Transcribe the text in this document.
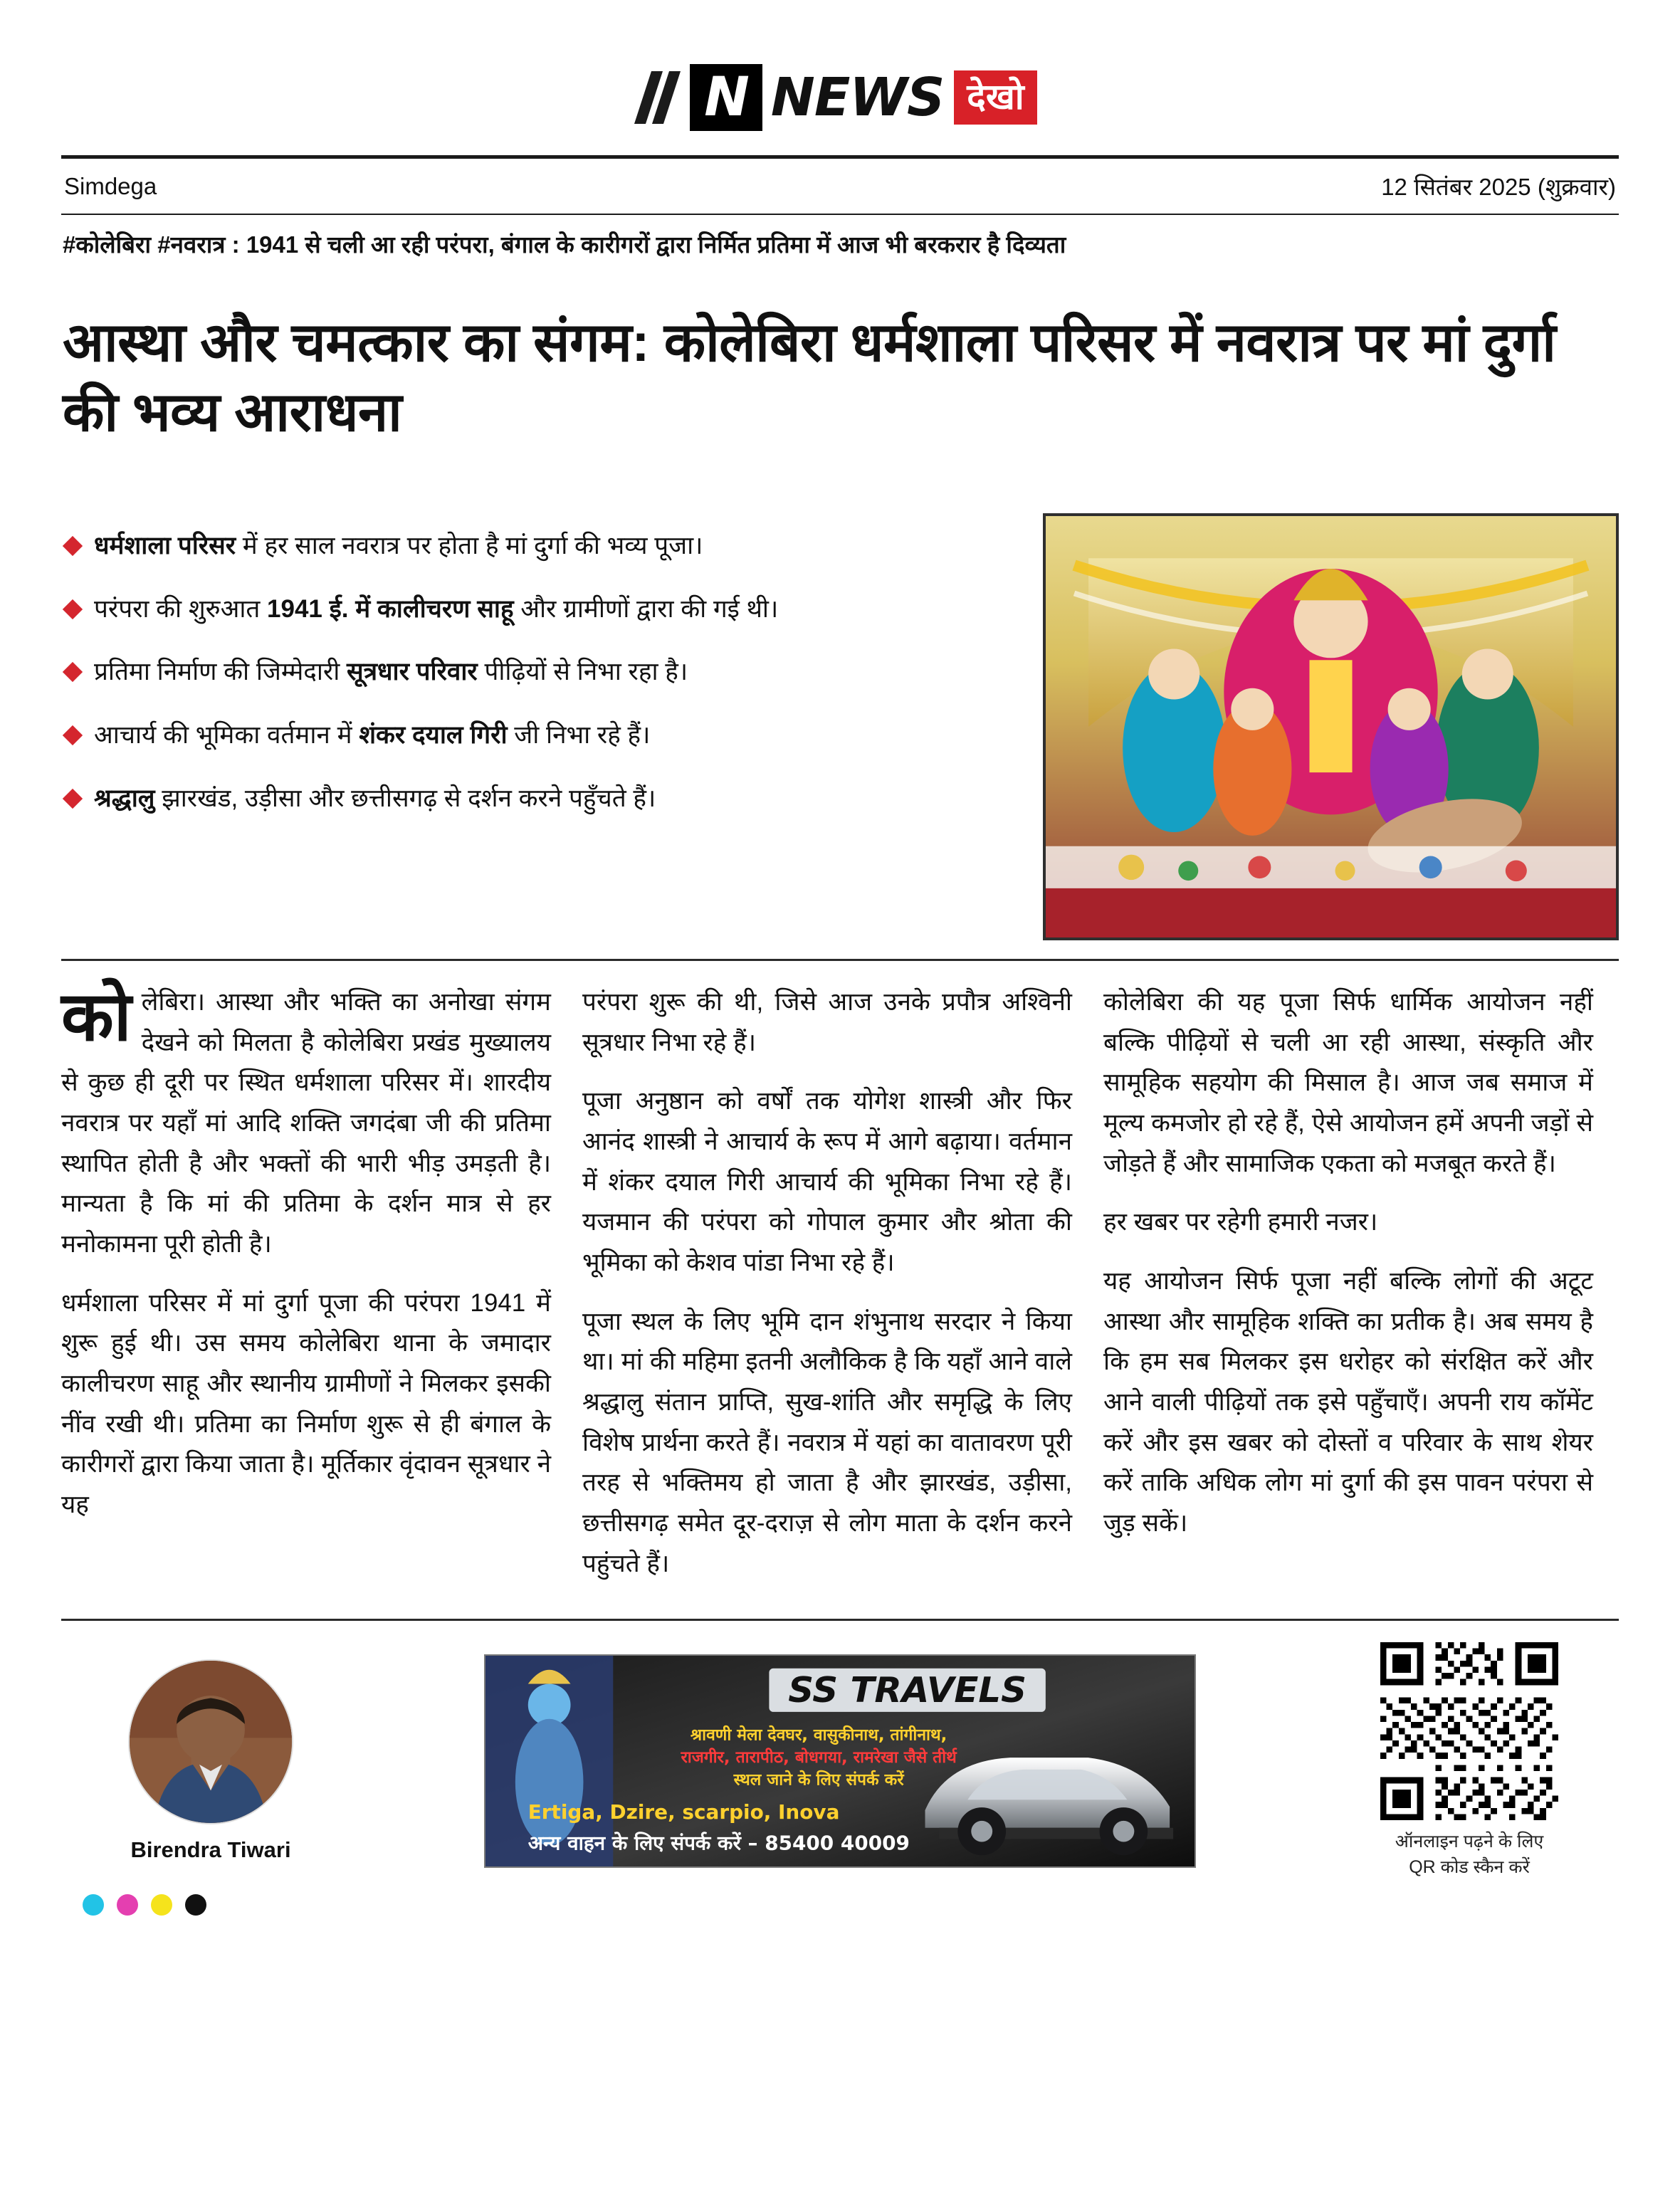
N NEWS देखो
Simdega	12 सितंबर 2025 (शुक्रवार)
#कोलेबिरा #नवरात्र : 1941 से चली आ रही परंपरा, बंगाल के कारीगरों द्वारा निर्मित प्रतिमा में आज भी बरकरार है दिव्यता
आस्था और चमत्कार का संगम: कोलेबिरा धर्मशाला परिसर में नवरात्र पर मां दुर्गा की भव्य आराधना
धर्मशाला परिसर में हर साल नवरात्र पर होता है मां दुर्गा की भव्य पूजा।
परंपरा की शुरुआत 1941 ई. में कालीचरण साहू और ग्रामीणों द्वारा की गई थी।
प्रतिमा निर्माण की जिम्मेदारी सूत्रधार परिवार पीढ़ियों से निभा रहा है।
आचार्य की भूमिका वर्तमान में शंकर दयाल गिरी जी निभा रहे हैं।
श्रद्धालु झारखंड, उड़ीसा और छत्तीसगढ़ से दर्शन करने पहुँचते हैं।

कोलेबिरा। आस्था और भक्ति का अनोखा संगम देखने को मिलता है कोलेबिरा प्रखंड मुख्यालय से कुछ ही दूरी पर स्थित धर्मशाला परिसर में। शारदीय नवरात्र पर यहाँ मां आदि शक्ति जगदंबा जी की प्रतिमा स्थापित होती है और भक्तों की भारी भीड़ उमड़ती है। मान्यता है कि मां की प्रतिमा के दर्शन मात्र से हर मनोकामना पूरी होती है।

धर्मशाला परिसर में मां दुर्गा पूजा की परंपरा 1941 में शुरू हुई थी। उस समय कोलेबिरा थाना के जमादार कालीचरण साहू और स्थानीय ग्रामीणों ने मिलकर इसकी नींव रखी थी। प्रतिमा का निर्माण शुरू से ही बंगाल के कारीगरों द्वारा किया जाता है। मूर्तिकार वृंदावन सूत्रधार ने यह

परंपरा शुरू की थी, जिसे आज उनके प्रपौत्र अश्विनी सूत्रधार निभा रहे हैं।

पूजा अनुष्ठान को वर्षों तक योगेश शास्त्री और फिर आनंद शास्त्री ने आचार्य के रूप में आगे बढ़ाया। वर्तमान में शंकर दयाल गिरी आचार्य की भूमिका निभा रहे हैं। यजमान की परंपरा को गोपाल कुमार और श्रोता की भूमिका को केशव पांडा निभा रहे हैं।

पूजा स्थल के लिए भूमि दान शंभुनाथ सरदार ने किया था। मां की महिमा इतनी अलौकिक है कि यहाँ आने वाले श्रद्धालु संतान प्राप्ति, सुख-शांति और समृद्धि के लिए विशेष प्रार्थना करते हैं। नवरात्र में यहां का वातावरण पूरी तरह से भक्तिमय हो जाता है और झारखंड, उड़ीसा, छत्तीसगढ़ समेत दूर-दराज़ से लोग माता के दर्शन करने पहुंचते हैं।

कोलेबिरा की यह पूजा सिर्फ धार्मिक आयोजन नहीं बल्कि पीढ़ियों से चली आ रही आस्था, संस्कृति और सामूहिक सहयोग की मिसाल है। आज जब समाज में मूल्य कमजोर हो रहे हैं, ऐसे आयोजन हमें अपनी जड़ों से जोड़ते हैं और सामाजिक एकता को मजबूत करते हैं।

हर खबर पर रहेगी हमारी नजर।

यह आयोजन सिर्फ पूजा नहीं बल्कि लोगों की अटूट आस्था और सामूहिक शक्ति का प्रतीक है। अब समय है कि हम सब मिलकर इस धरोहर को संरक्षित करें और आने वाली पीढ़ियों तक इसे पहुँचाएँ। अपनी राय कॉमेंट करें और इस खबर को दोस्तों व परिवार के साथ शेयर करें ताकि अधिक लोग मां दुर्गा की इस पावन परंपरा से जुड़ सकें।

Birendra Tiwari
SS TRAVELS
श्रावणी मेला देवघर, वासुकीनाथ, तांगीनाथ,
राजगीर, तारापीठ, बोधगया, रामरेखा जैसे तीर्थ
स्थल जाने के लिए संपर्क करें
Ertiga, Dzire, scarpio, Inova
अन्य वाहन के लिए संपर्क करें – 85400 40009	ऑनलाइन पढ़ने के लिए
QR कोड स्कैन करें
